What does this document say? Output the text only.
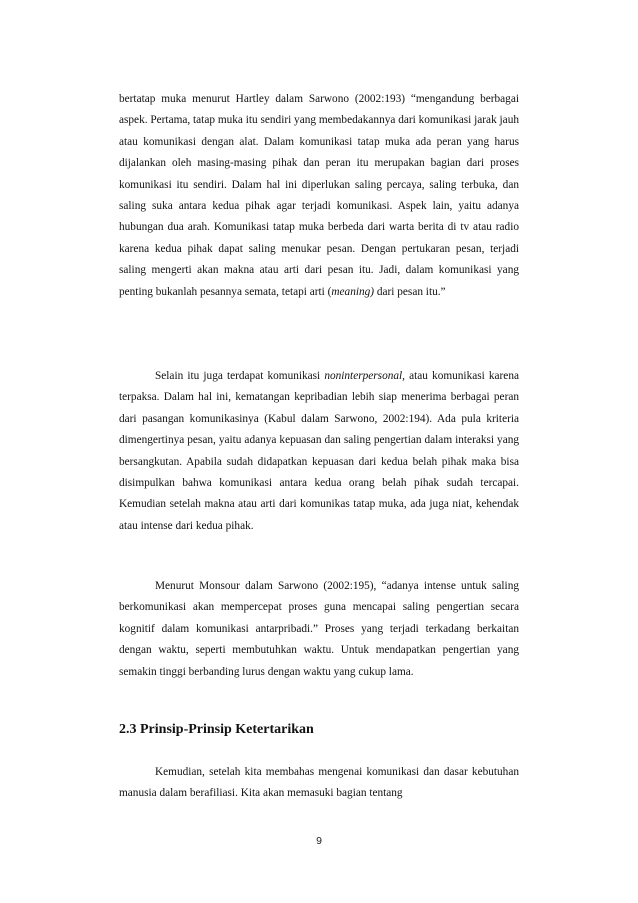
bertatap muka menurut Hartley dalam Sarwono (2002:193) “mengandung berbagai aspek. Pertama, tatap muka itu sendiri yang membedakannya dari komunikasi jarak jauh atau komunikasi dengan alat. Dalam komunikasi tatap muka ada peran yang harus dijalankan oleh masing-masing pihak dan peran itu merupakan bagian dari proses komunikasi itu sendiri. Dalam hal ini diperlukan saling percaya, saling terbuka, dan saling suka antara kedua pihak agar terjadi komunikasi. Aspek lain, yaitu adanya hubungan dua arah. Komunikasi tatap muka berbeda dari warta berita di tv atau radio karena kedua pihak dapat saling menukar pesan. Dengan pertukaran pesan, terjadi saling mengerti akan makna atau arti dari pesan itu. Jadi, dalam komunikasi yang penting bukanlah pesannya semata, tetapi arti (meaning) dari pesan itu.”

Selain itu juga terdapat komunikasi noninterpersonal, atau komunikasi karena terpaksa. Dalam hal ini, kematangan kepribadian lebih siap menerima berbagai peran dari pasangan komunikasinya (Kabul dalam Sarwono, 2002:194). Ada pula kriteria dimengertinya pesan, yaitu adanya kepuasan dan saling pengertian dalam interaksi yang bersangkutan. Apabila sudah didapatkan kepuasan dari kedua belah pihak maka bisa disimpulkan bahwa komunikasi antara kedua orang belah pihak sudah tercapai. Kemudian setelah makna atau arti dari komunikas tatap muka, ada juga niat, kehendak atau intense dari kedua pihak.

Menurut Monsour dalam Sarwono (2002:195), “adanya intense untuk saling berkomunikasi akan mempercepat proses guna mencapai saling pengertian secara kognitif dalam komunikasi antarpribadi.” Proses yang terjadi terkadang berkaitan dengan waktu, seperti membutuhkan waktu. Untuk mendapatkan pengertian yang semakin tinggi berbanding lurus dengan waktu yang cukup lama.

2.3 Prinsip-Prinsip Ketertarikan

Kemudian, setelah kita membahas mengenai komunikasi dan dasar kebutuhan manusia dalam berafiliasi. Kita akan memasuki bagian tentang

9
